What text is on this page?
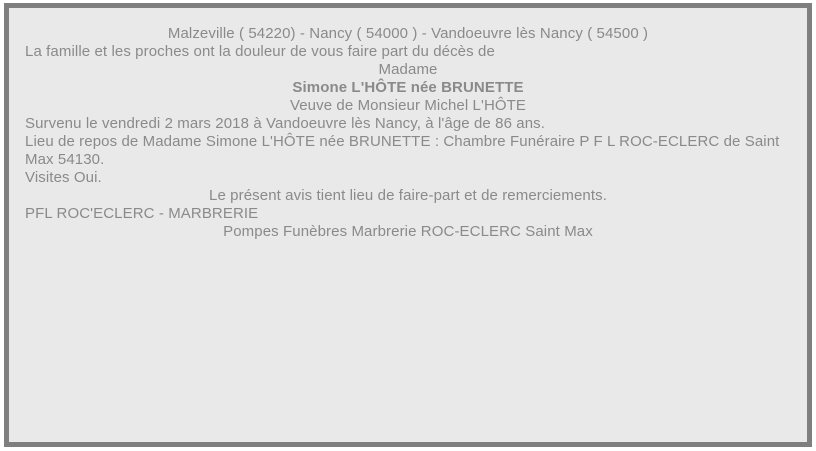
Malzeville ( 54220) - Nancy ( 54000 ) - Vandoeuvre lès Nancy ( 54500 )

La famille et les proches ont la douleur de vous faire part du décès de

Madame

Simone L'HÔTE née BRUNETTE

Veuve de Monsieur Michel L'HÔTE

Survenu le vendredi 2 mars 2018 à Vandoeuvre lès Nancy, à l'âge de 86 ans.

Lieu de repos de Madame Simone L'HÔTE née BRUNETTE : Chambre Funéraire P F L ROC-ECLERC de Saint Max 54130.

Visites Oui.

Le présent avis tient lieu de faire-part et de remerciements.

PFL ROC'ECLERC - MARBRERIE

Pompes Funèbres Marbrerie ROC-ECLERC Saint Max
